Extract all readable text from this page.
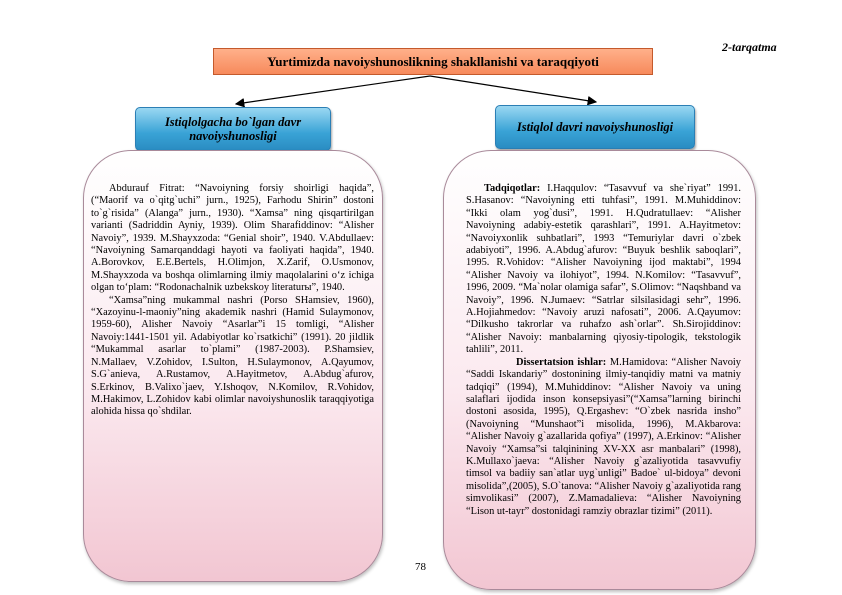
2-tarqatma
Yurtimizda navoiyshunoslikning shakllanishi va taraqqiyoti
Istiqlolgacha bo`lgan davr navoiyshunosligi
Istiqlol davri navoiyshunosligi

Abdurauf Fitrat: “Navoiyning forsiy shoirligi haqida”, (“Maorif va o`qitg`uchi” jurn., 1925), Farhodu Shirin” dostoni to`g`risida” (Alanga” jurn., 1930). “Xamsa” ning qisqartirilgan varianti (Sadriddin Ayniy, 1939). Olim Sharafiddinov: “Alisher Navoiy”, 1939. M.Shayxzoda: “Genial shoir”, 1940. V.Abdullaev: “Navoiyning Samarqanddagi hayoti va faoliyati haqida”, 1940. A.Borovkov, E.E.Bertels, H.Olimjon, X.Zarif, O.Usmonov, M.Shayxzoda va boshqa olimlarning ilmiy maqolalarini o‘z ichiga olgan to‘plam: “Rodonachalnik uzbekskoy literaturы”, 1940.

“Xamsa”ning mukammal nashri (Porso SHamsiev, 1960), “Xazoyinu-l-maoniy”ning akademik nashri (Hamid Sulaymonov, 1959-60), Alisher Navoiy “Asarlar”i 15 tomligi, “Alisher Navoiy:1441-1501 yil. Adabiyotlar ko`rsatkichi” (1991). 20 jildlik “Mukammal asarlar to`plami” (1987-2003). P.Shamsiev, N.Mallaev, V.Zohidov, I.Sulton, H.Sulaymonov, A.Qayumov, S.G`anieva, A.Rustamov, A.Hayitmetov, A.Abdug`afurov, S.Erkinov, B.Valixo`jaev, Y.Ishoqov, N.Komilov, R.Vohidov, M.Hakimov, L.Zohidov kabi olimlar navoiyshunoslik taraqqiyotiga alohida hissa qo`shdilar.

Tadqiqotlar: I.Haqqulov: “Tasavvuf va she`riyat” 1991. S.Hasanov: “Navoiyning etti tuhfasi”, 1991. M.Muhiddinov: “Ikki olam yog`dusi”, 1991. H.Qudratullaev: “Alisher Navoiyning adabiy-estetik qarashlari”, 1991. A.Hayitmetov: “Navoiyxonlik suhbatlari”, 1993 “Temuriylar davri o`zbek adabiyoti”, 1996. A.Abdug`afurov: “Buyuk beshlik saboqlari”, 1995. R.Vohidov: “Alisher Navoiyning ijod maktabi”, 1994 “Alisher Navoiy va ilohiyot”, 1994. N.Komilov: “Tasavvuf”, 1996, 2009. “Ma`nolar olamiga safar”, S.Olimov: “Naqshband va Navoiy”, 1996. N.Jumaev: “Satrlar silsilasidagi sehr”, 1996. A.Hojiahmedov: “Navoiy aruzi nafosati”, 2006. A.Qayumov: “Dilkusho takrorlar va ruhafzo ash`orlar”. Sh.Sirojiddinov: “Alisher Navoiy: manbalarning qiyosiy-tipologik, tekstologik tahlili”, 2011.

Dissertatsion ishlar: M.Hamidova: “Alisher Navoiy “Saddi Iskandariy” dostonining ilmiy-tanqidiy matni va matniy tadqiqi” (1994), M.Muhiddinov: “Alisher Navoiy va uning salaflari ijodida inson konsepsiyasi”(“Xamsa”larning birinchi dostoni asosida, 1995), Q.Ergashev: “O`zbek nasrida insho” (Navoiyning “Munshaot”i misolida, 1996), M.Akbarova: “Alisher Navoiy g`azallarida qofiya” (1997), A.Erkinov: “Alisher Navoiy “Xamsa”si talqinining XV-XX asr manbalari” (1998), K.Mullaxo`jaeva: “Alisher Navoiy g`azaliyotida tasavvufiy timsol va badiiy san`atlar uyg`unligi” Badoe` ul-bidoya” devoni misolida”,(2005), S.O`tanova: “Alisher Navoiy g`azaliyotida rang simvolikasi” (2007), Z.Mamadalieva: “Alisher Navoiyning “Lison ut-tayr” dostonidagi ramziy obrazlar tizimi” (2011).

78
